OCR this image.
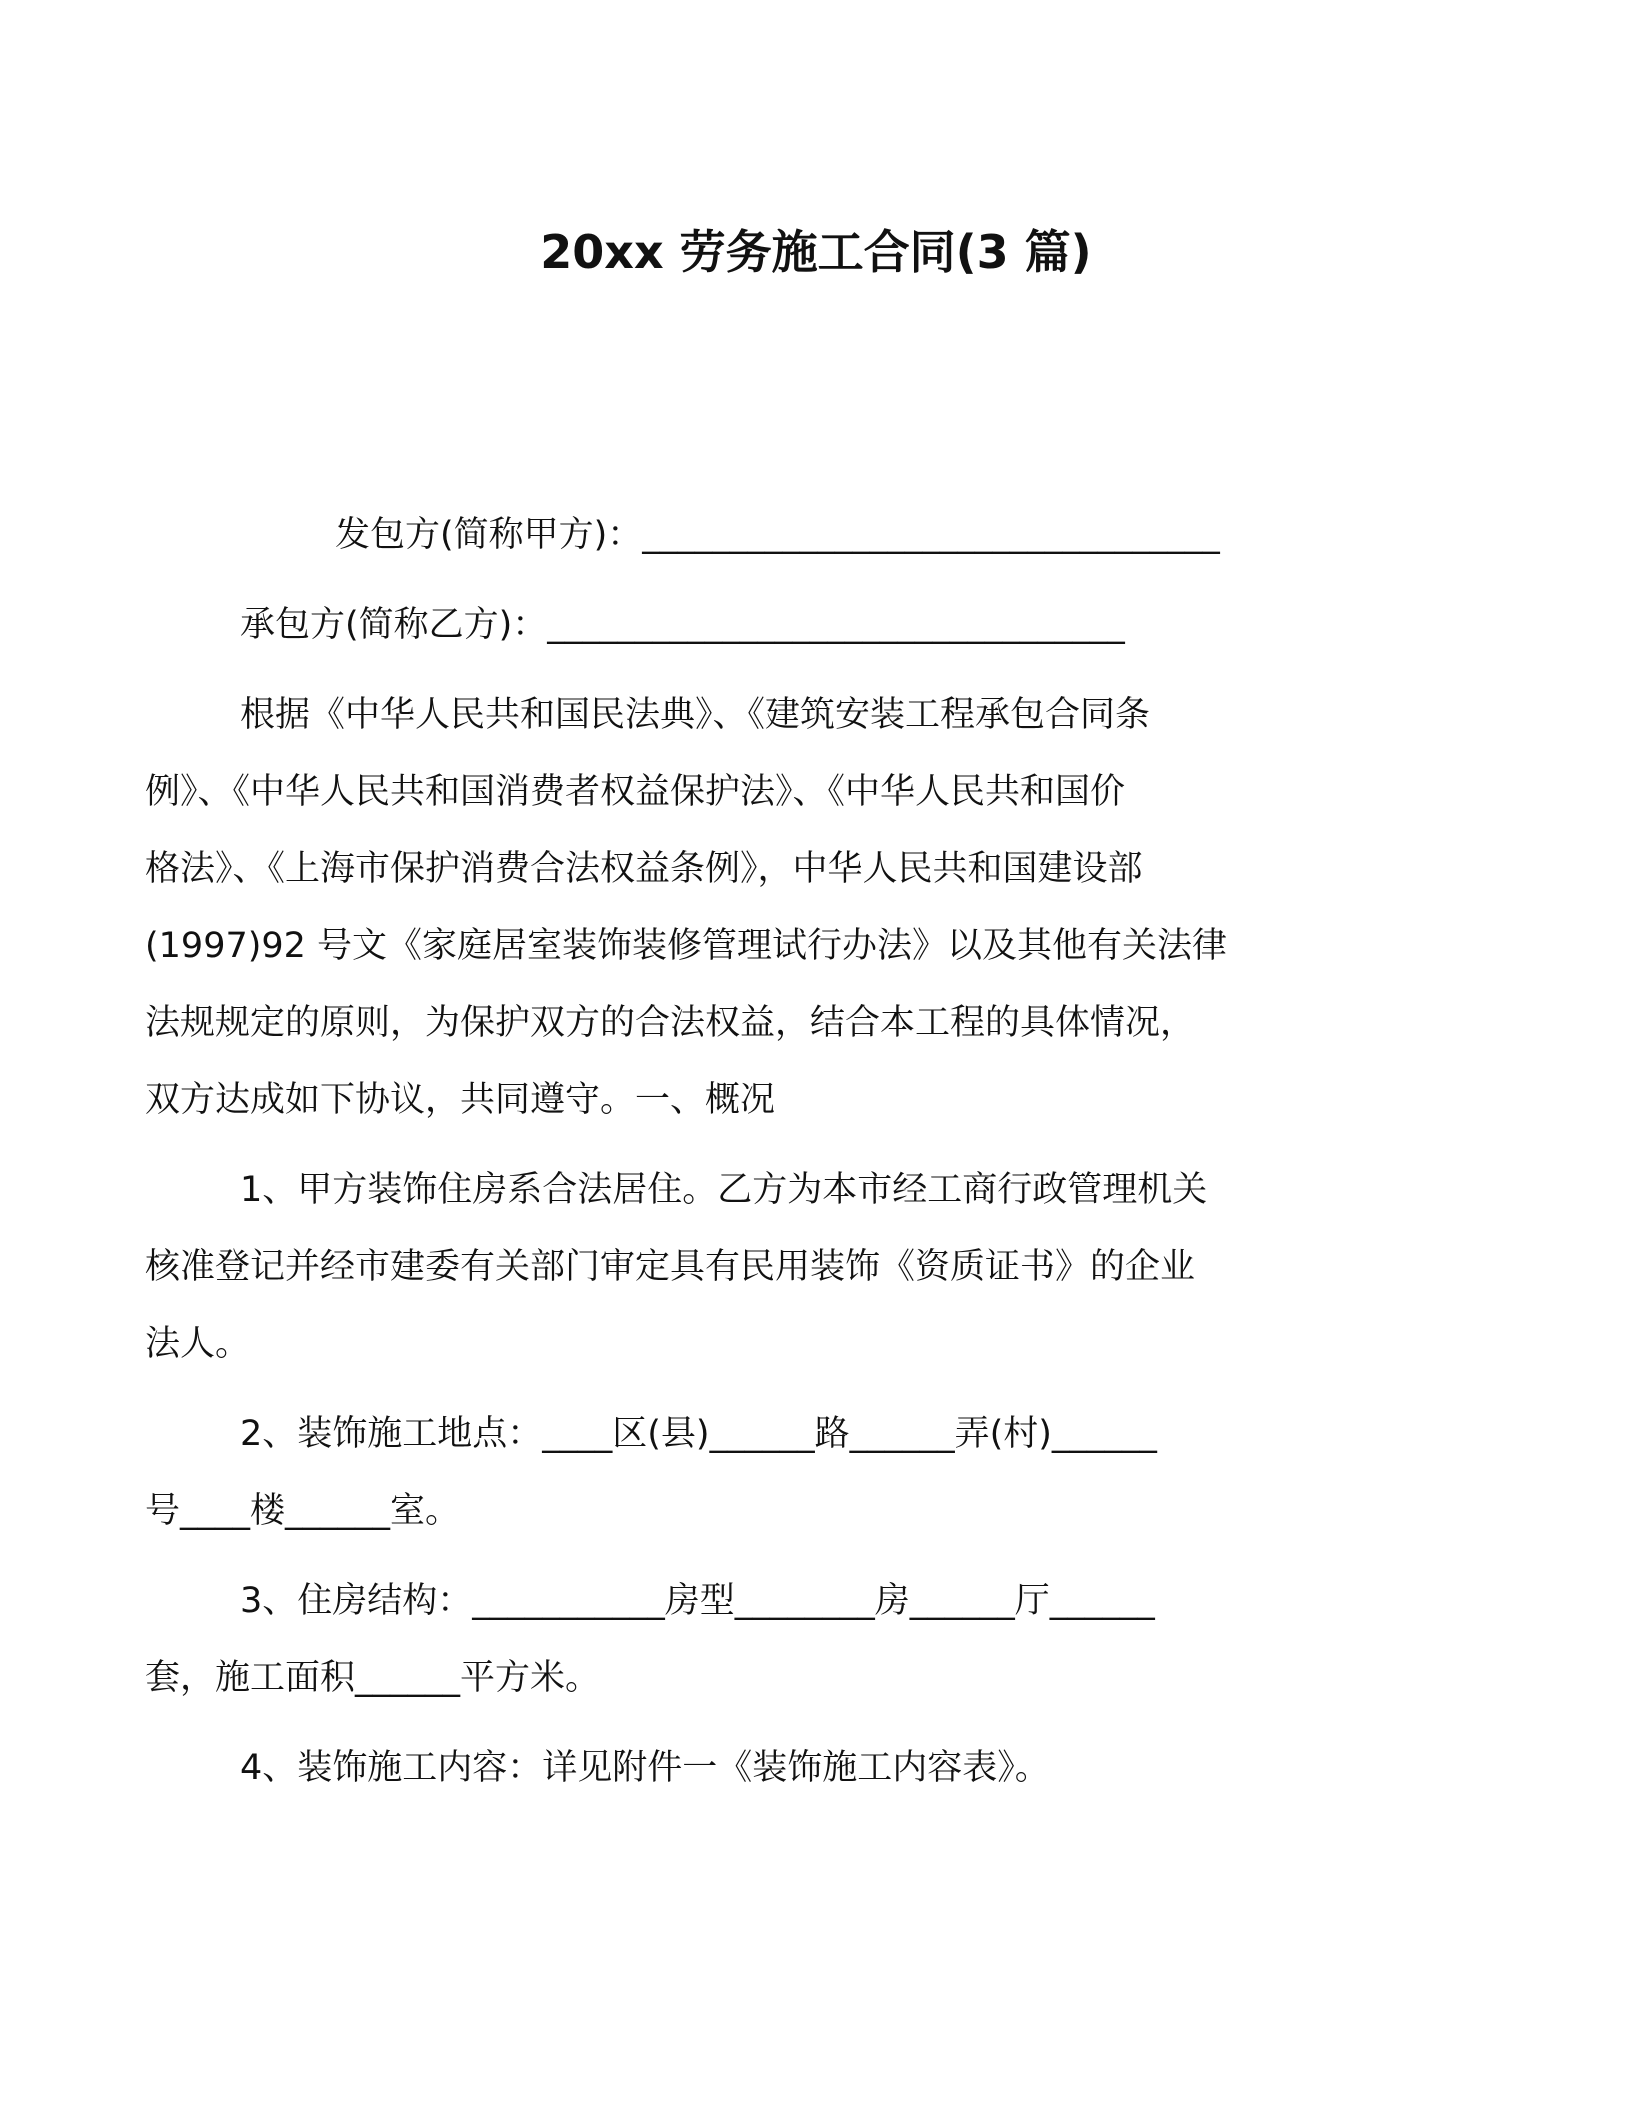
20xx 劳务施工合同(3 篇)
发包方(简称甲方)：_________________________________
承包方(简称乙方)：_________________________________
根据《中华人民共和国民法典》、《建筑安装工程承包合同条
例》、《中华人民共和国消费者权益保护法》、《中华人民共和国价
格法》、《上海市保护消费合法权益条例》，中华人民共和国建设部
(1997)92 号文《家庭居室装饰装修管理试行办法》以及其他有关法律
法规规定的原则，为保护双方的合法权益，结合本工程的具体情况，
双方达成如下协议，共同遵守。一、概况
1、甲方装饰住房系合法居住。乙方为本市经工商行政管理机关
核准登记并经市建委有关部门审定具有民用装饰《资质证书》的企业
法人。
2、装饰施工地点：____区(县)______路______弄(村)______
号____楼______室。
3、住房结构：___________房型________房______厅______
套，施工面积______平方米。
4、装饰施工内容：详见附件一《装饰施工内容表》。
